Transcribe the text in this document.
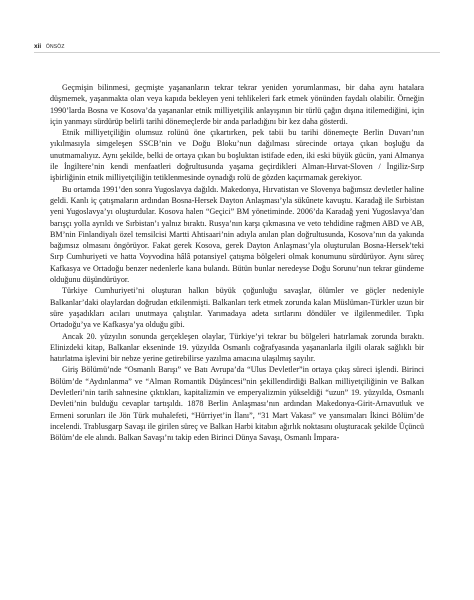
xii ÖNSÖZ

Geçmişin bilinmesi, geçmişte yaşananların tekrar tekrar yeniden yorumlanması, bir daha aynı hatalara düşmemek, yaşanmakta olan veya kapıda bekleyen yeni tehlikeleri fark etmek yönünden faydalı olabilir. Örneğin 1990’larda Bosna ve Kosova’da yaşananlar etnik milliyetçilik anlayışının bir türlü çağın dışına itilemediğini, için için yanmayı sürdürüp belirli tarihi dönemeçlerde bir anda parladığını bir kez daha gösterdi.

Etnik milliyetçiliğin olumsuz rolünü öne çıkartırken, pek tabii bu tarihi dönemeçte Berlin Duvarı’nın yıkılmasıyla simgeleşen SSCB’nin ve Doğu Bloku’nun dağılması sürecinde ortaya çıkan boşluğu da unutmamalıyız. Aynı şekilde, belki de ortaya çıkan bu boşluktan istifade eden, iki eski büyük gücün, yani Almanya ile İngiltere’nin kendi menfaatleri doğrultusunda yaşama geçirdikleri Alman-Hırvat-Sloven / İngiliz-Sırp işbirliğinin etnik milliyetçiliğin tetiklenmesinde oynadığı rolü de gözden kaçırmamak gerekiyor.

Bu ortamda 1991’den sonra Yugoslavya dağıldı. Makedonya, Hırvatistan ve Slovenya bağımsız devletler haline geldi. Kanlı iç çatışmaların ardından Bosna-Hersek Dayton Anlaşması’yla sükûnete kavuştu. Karadağ ile Sırbistan yeni Yugoslavya’yı oluşturdular. Kosova halen “Geçici” BM yönetiminde. 2006’da Karadağ yeni Yugoslavya’dan barışçı yolla ayrıldı ve Sırbistan’ı yalnız bıraktı. Rusya’nın karşı çıkmasına ve veto tehdidine rağmen ABD ve AB, BM’nin Finlandiyalı özel temsilcisi Martti Ahtisaari’nin adıyla anılan plan doğrultusunda, Kosova’nın da yakında bağımsız olmasını öngörüyor. Fakat gerek Kosova, gerek Dayton Anlaşması’yla oluşturulan Bosna-Hersek’teki Sırp Cumhuriyeti ve hatta Voyvodina hâlâ potansiyel çatışma bölgeleri olmak konumunu sürdürüyor. Aynı süreç Kafkasya ve Ortadoğu benzer nedenlerle kana bulandı. Bütün bunlar neredeyse Doğu Sorunu’nun tekrar gündeme olduğunu düşündürüyor.

Türkiye Cumhuriyeti’ni oluşturan halkın büyük çoğunluğu savaşlar, ölümler ve göçler nedeniyle Balkanlar’daki olaylardan doğrudan etkilenmişti. Balkanları terk etmek zorunda kalan Müslüman-Türkler uzun bir süre yaşadıkları acıları unutmaya çalıştılar. Yarımadaya adeta sırtlarını döndüler ve ilgilenmediler. Tıpkı Ortadoğu’ya ve Kafkasya’ya olduğu gibi.

Ancak 20. yüzyılın sonunda gerçekleşen olaylar, Türkiye’yi tekrar bu bölgeleri hatırlamak zorunda bıraktı. Elinizdeki kitap, Balkanlar ekseninde 19. yüzyılda Osmanlı coğrafyasında yaşananlarla ilgili olarak sağlıklı bir hatırlatma işlevini bir nebze yerine getirebilirse yazılma amacına ulaşılmış sayılır.

Giriş Bölümü’nde “Osmanlı Barışı” ve Batı Avrupa’da “Ulus Devletler”in ortaya çıkış süreci işlendi. Birinci Bölüm’de “Aydınlanma” ve “Alman Romantik Düşüncesi”nin şekillendirdiği Balkan milliyetçiliğinin ve Balkan Devletleri’nin tarih sahnesine çıktıkları, kapitalizmin ve emperyalizmin yükseldiği “uzun” 19. yüzyılda, Osmanlı Devleti’nin bulduğu cevaplar tartışıldı. 1878 Berlin Anlaşması’nın ardından Makedonya-Girit-Arnavutluk ve Ermeni sorunları ile Jön Türk muhalefeti, “Hürriyet’in İlanı”, “31 Mart Vakası” ve yansımaları İkinci Bölüm’de incelendi. Trablusgarp Savaşı ile girilen süreç ve Balkan Harbi kitabın ağırlık noktasını oluşturacak şekilde Üçüncü Bölüm’de ele alındı. Balkan Savaşı’nı takip eden Birinci Dünya Savaşı, Osmanlı İmpara-
